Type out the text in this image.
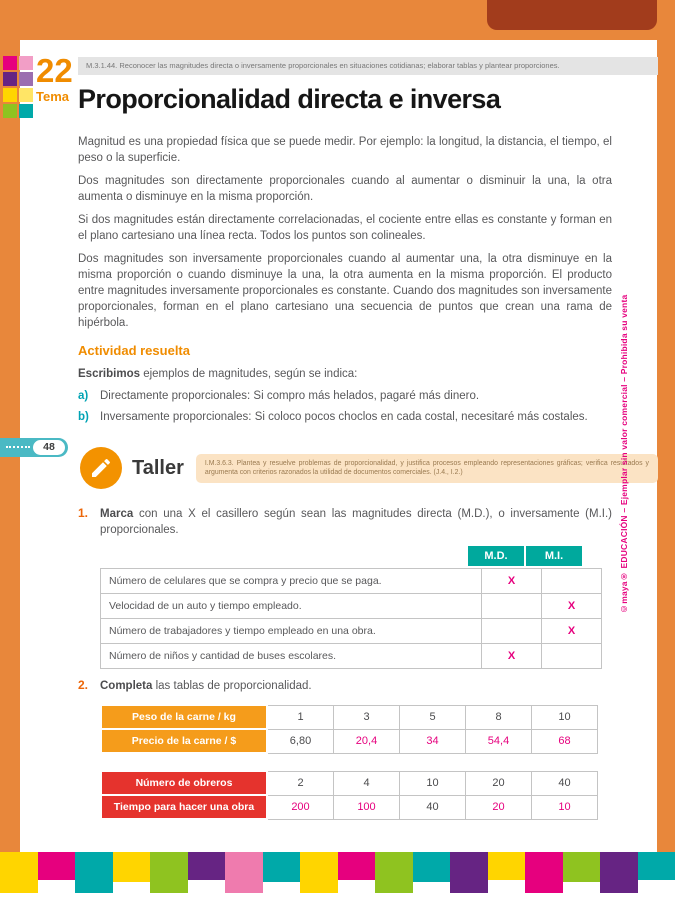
22
Tema
M.3.1.44. Reconocer las magnitudes directa o inversamente proporcionales en situaciones cotidianas; elaborar tablas y plantear proporciones.
Proporcionalidad directa e inversa
Magnitud es una propiedad física que se puede medir. Por ejemplo: la longitud, la distancia, el tiempo, el peso o la superficie.
Dos magnitudes son directamente proporcionales cuando al aumentar o disminuir la una, la otra aumenta o disminuye en la misma proporción.
Si dos magnitudes están directamente correlacionadas, el cociente entre ellas es constante y forman en el plano cartesiano una línea recta. Todos los puntos son colineales.
Dos magnitudes son inversamente proporcionales cuando al aumentar una, la otra disminuye en la misma proporción o cuando disminuye la una, la otra aumenta en la misma proporción. El producto entre magnitudes inversamente proporcionales es constante. Cuando dos magnitudes son inversamente proporcionales, forman en el plano cartesiano una secuencia de puntos que crean una rama de hipérbola.
Actividad resuelta
Escribimos ejemplos de magnitudes, según se indica:
a)	Directamente proporcionales: Si compro más helados, pagaré más dinero.
b) Inversamente proporcionales: Si coloco pocos choclos en cada costal, necesitaré más costales.
48
Taller	I.M.3.6.3. Plantea y resuelve problemas de proporcionalidad, y justifica procesos empleando representaciones gráficas; verifica resultados y argumenta con criterios razonados la utilidad de documentos comerciales. (J.4., I.2.)
1.	Marca con una X el casillero según sean las magnitudes directa (M.D.), o inversamente (M.I.) proporcionales.
M.D.	M.I.
Número de celulares que se compra y precio que se paga.	X	
Velocidad de un auto y tiempo empleado.		X
Número de trabajadores y tiempo empleado en una obra.		X
Número de niños y cantidad de buses escolares.	X	
2.	Completa las tablas de proporcionalidad.
Peso de la carne / kg	1	3	5	8	10
Precio de la carne / $	6,80	20,4	34	54,4	68
Número de obreros	2	4	10	20	40
Tiempo para hacer una obra	200	100	40	20	10
©maya® EDUCACIÓN – Ejemplar sin valor comercial – Prohibida su venta
